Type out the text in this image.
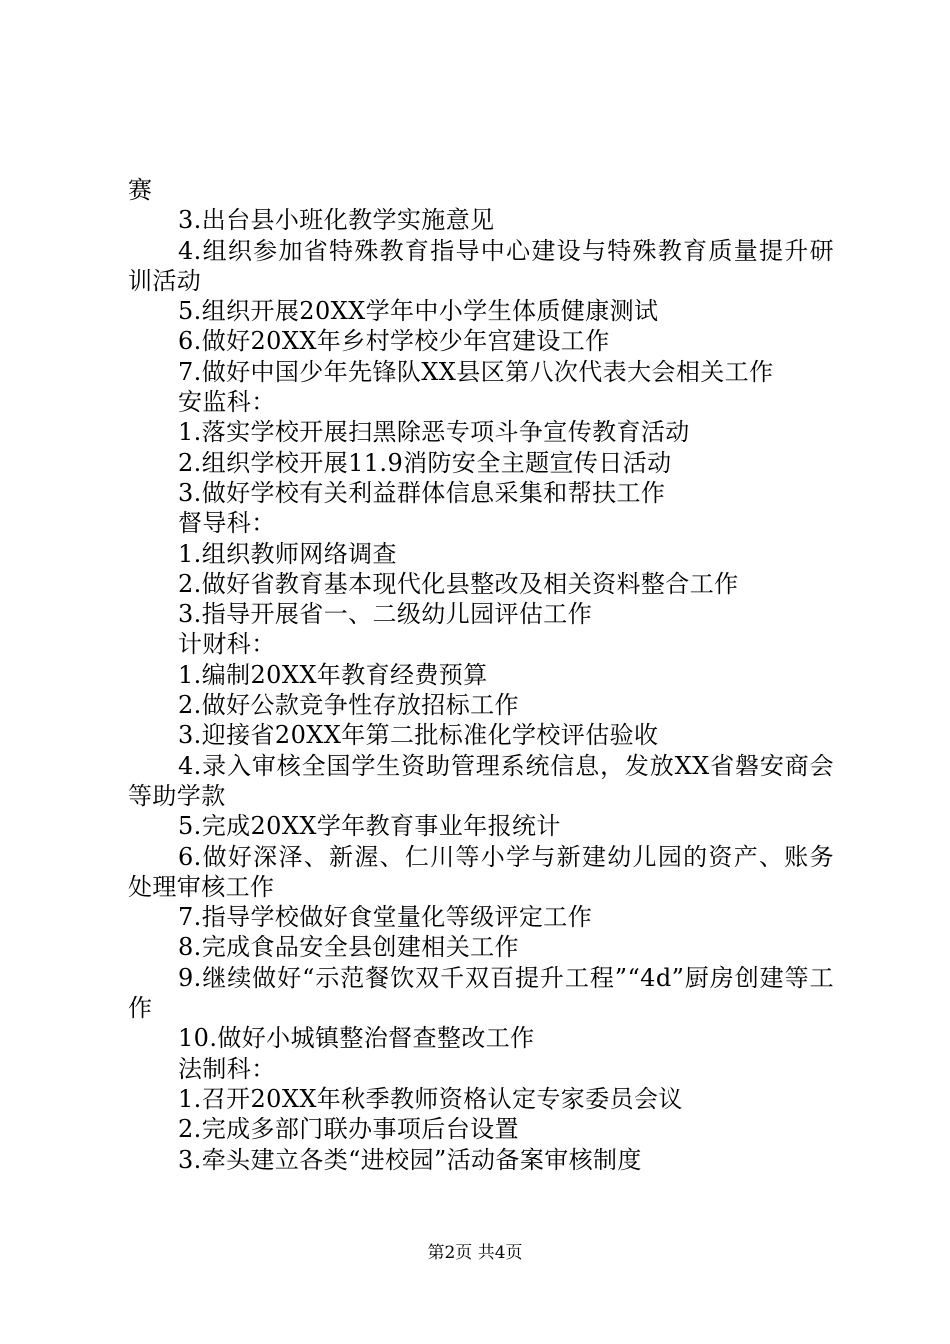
赛
3.出台县小班化教学实施意见
4.组织参加省特殊教育指导中心建设与特殊教育质量提升研训活动
5.组织开展20XX学年中小学生体质健康测试
6.做好20XX年乡村学校少年宫建设工作
7.做好中国少年先锋队XX县区第八次代表大会相关工作
安监科：
1.落实学校开展扫黑除恶专项斗争宣传教育活动
2.组织学校开展11.9消防安全主题宣传日活动
3.做好学校有关利益群体信息采集和帮扶工作
督导科：
1.组织教师网络调查
2.做好省教育基本现代化县整改及相关资料整合工作
3.指导开展省一、二级幼儿园评估工作
计财科：
1.编制20XX年教育经费预算
2.做好公款竞争性存放招标工作
3.迎接省20XX年第二批标准化学校评估验收
4.录入审核全国学生资助管理系统信息，发放XX省磐安商会等助学款
5.完成20XX学年教育事业年报统计
6.做好深泽、新渥、仁川等小学与新建幼儿园的资产、账务处理审核工作
7.指导学校做好食堂量化等级评定工作
8.完成食品安全县创建相关工作
9.继续做好“示范餐饮双千双百提升工程”“4d”厨房创建等工作
10.做好小城镇整治督查整改工作
法制科：
1.召开20XX年秋季教师资格认定专家委员会议
2.完成多部门联办事项后台设置
3.牵头建立各类“进校园”活动备案审核制度
第2页 共4页
